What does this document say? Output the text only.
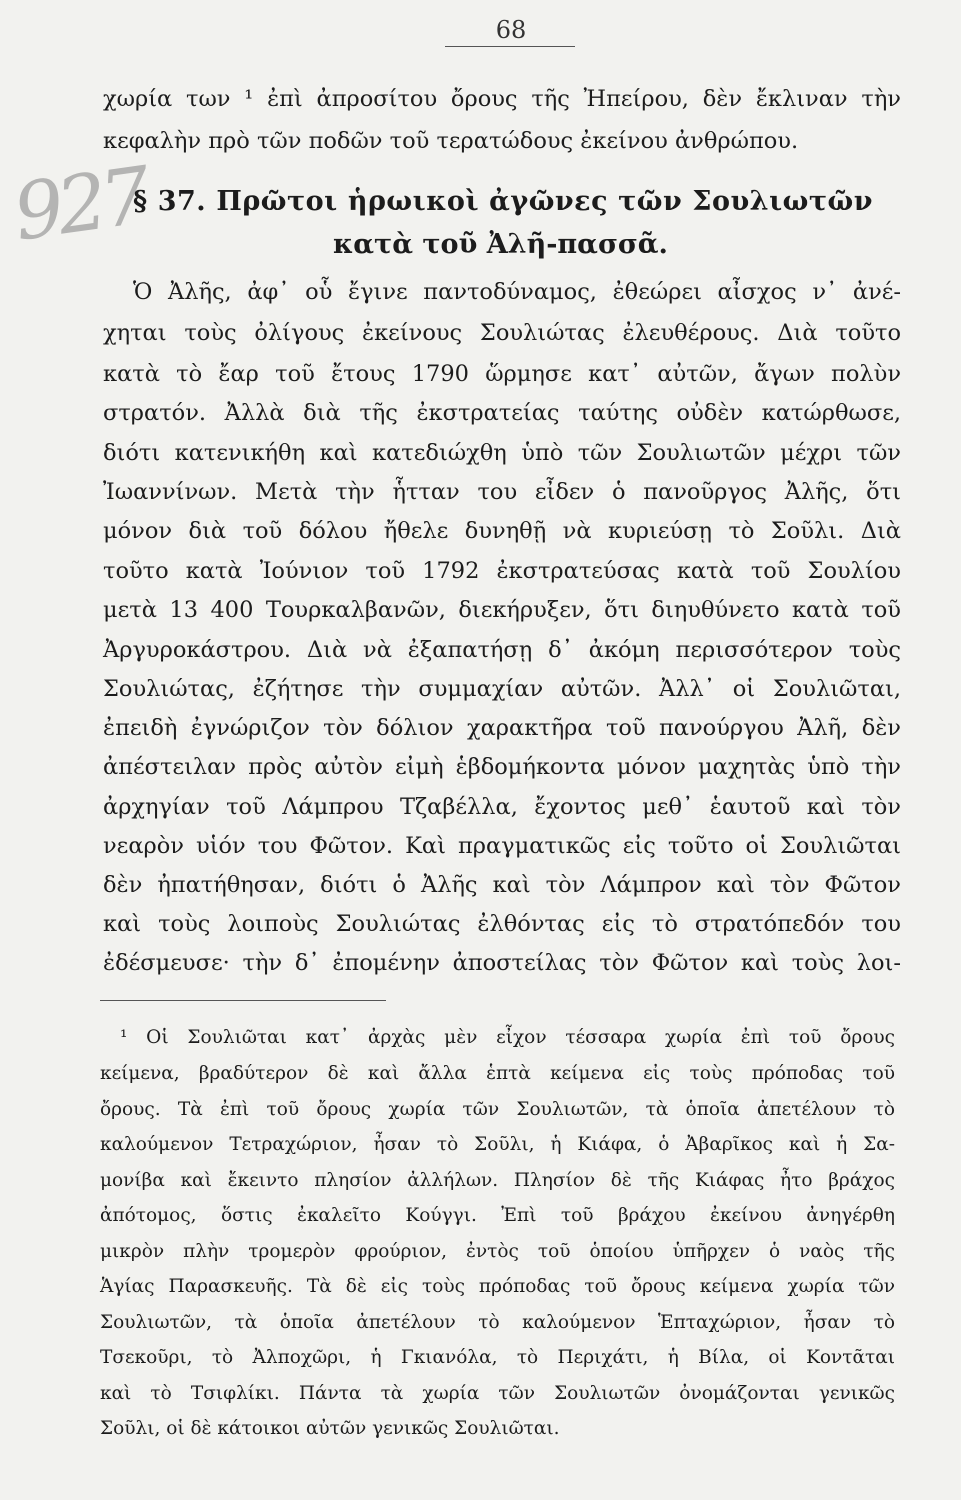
68
927
χωρία των ¹ ἐπὶ ἀπροσίτου ὄρους τῆς Ἠπείρου, δὲν ἔκλιναν τὴν
κεφαλὴν πρὸ τῶν ποδῶν τοῦ τερατώδους ἐκείνου ἀνθρώπου.
§ 37. Πρῶτοι ἡρωικοὶ ἀγῶνες τῶν Σουλιωτῶν
κατὰ τοῦ Ἀλῆ-πασσᾶ.
Ὁ Ἀλῆς, ἀφ᾽ οὗ ἔγινε παντοδύναμος, ἐθεώρει αἶσχος ν᾽ ἀνέ-
χηται τοὺς ὀλίγους ἐκείνους Σουλιώτας ἐλευθέρους. Διὰ τοῦτο
κατὰ τὸ ἔαρ τοῦ ἔτους 1790 ὥρμησε κατ᾽ αὐτῶν, ἄγων πολὺν
στρατόν. Ἀλλὰ διὰ τῆς ἐκστρατείας ταύτης οὐδὲν κατώρθωσε,
διότι κατενικήθη καὶ κατεδιώχθη ὑπὸ τῶν Σουλιωτῶν μέχρι τῶν
Ἰωαννίνων. Μετὰ τὴν ἧτταν του εἶδεν ὁ πανοῦργος Ἀλῆς, ὅτι
μόνον διὰ τοῦ δόλου ἤθελε δυνηθῇ νὰ κυριεύσῃ τὸ Σοῦλι. Διὰ
τοῦτο κατὰ Ἰούνιον τοῦ 1792 ἐκστρατεύσας κατὰ τοῦ Σουλίου
μετὰ 13 400 Τουρκαλβανῶν, διεκήρυξεν, ὅτι διηυθύνετο κατὰ τοῦ
Ἀργυροκάστρου. Διὰ νὰ ἐξαπατήσῃ δ᾽ ἀκόμη περισσότερον τοὺς
Σουλιώτας, ἐζήτησε τὴν συμμαχίαν αὐτῶν. Ἀλλ᾽ οἱ Σουλιῶται,
ἐπειδὴ ἐγνώριζον τὸν δόλιον χαρακτῆρα τοῦ πανούργου Ἀλῆ, δὲν
ἀπέστειλαν πρὸς αὐτὸν εἰμὴ ἑβδομήκοντα μόνον μαχητὰς ὑπὸ τὴν
ἀρχηγίαν τοῦ Λάμπρου Τζαβέλλα, ἔχοντος μεθ᾽ ἑαυτοῦ καὶ τὸν
νεαρὸν υἱόν του Φῶτον. Καὶ πραγματικῶς εἰς τοῦτο οἱ Σουλιῶται
δὲν ἠπατήθησαν, διότι ὁ Ἀλῆς καὶ τὸν Λάμπρον καὶ τὸν Φῶτον
καὶ τοὺς λοιποὺς Σουλιώτας ἐλθόντας εἰς τὸ στρατόπεδόν του
ἐδέσμευσε· τὴν δ᾽ ἐπομένην ἀποστείλας τὸν Φῶτον καὶ τοὺς λοι-
¹ Οἱ Σουλιῶται κατ᾽ ἀρχὰς μὲν εἶχον τέσσαρα χωρία ἐπὶ τοῦ ὄρους
κείμενα, βραδύτερον δὲ καὶ ἄλλα ἑπτὰ κείμενα εἰς τοὺς πρόποδας τοῦ
ὄρους. Τὰ ἐπὶ τοῦ ὄρους χωρία τῶν Σουλιωτῶν, τὰ ὁποῖα ἀπετέλουν τὸ
καλούμενον Τετραχώριον, ἦσαν τὸ Σοῦλι, ἡ Κιάφα, ὁ Ἀβαρῖκος καὶ ἡ Σα-
μονίβα καὶ ἔκειντο πλησίον ἀλλήλων. Πλησίον δὲ τῆς Κιάφας ἦτο βράχος
ἀπότομος, ὅστις ἐκαλεῖτο Κούγγι. Ἐπὶ τοῦ βράχου ἐκείνου ἀνηγέρθη
μικρὸν πλὴν τρομερὸν φρούριον, ἐντὸς τοῦ ὁποίου ὑπῆρχεν ὁ ναὸς τῆς
Ἁγίας Παρασκευῆς. Τὰ δὲ εἰς τοὺς πρόποδας τοῦ ὄρους κείμενα χωρία τῶν
Σουλιωτῶν, τὰ ὁποῖα ἀπετέλουν τὸ καλούμενον Ἑπταχώριον, ἦσαν τὸ
Τσεκοῦρι, τὸ Ἀλποχῶρι, ἡ Γκιανόλα, τὸ Περιχάτι, ἡ Βίλα, οἱ Κοντᾶται
καὶ τὸ Τσιφλίκι. Πάντα τὰ χωρία τῶν Σουλιωτῶν ὀνομάζονται γενικῶς
Σοῦλι, οἱ δὲ κάτοικοι αὐτῶν γενικῶς Σουλιῶται.
